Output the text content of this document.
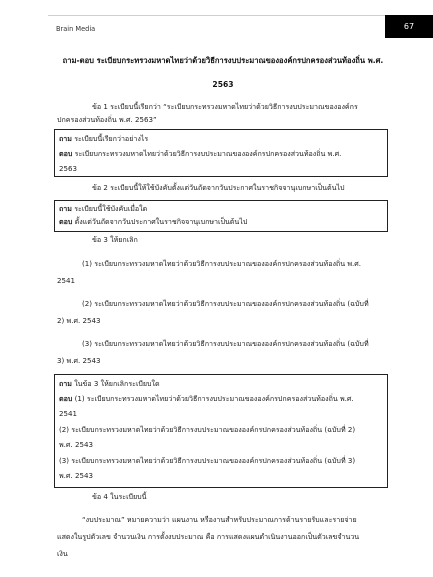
Brain Media	67
ถาม-ตอบ ระเบียบกระทรวงมหาดไทยว่าด้วยวิธีการงบประมาณขององค์กรปกครองส่วนท้องถิ่น พ.ศ.
2563
ข้อ 1 ระเบียบนี้เรียกว่า “ระเบียบกระทรวงมหาดไทยว่าด้วยวิธีการงบประมาณขององค์กร
ปกครองส่วนท้องถิ่น พ.ศ. 2563”
ถาม ระเบียบนี้เรียกว่าอย่างไร
ตอบ ระเบียบกระทรวงมหาดไทยว่าด้วยวิธีการงบประมาณขององค์กรปกครองส่วนท้องถิ่น พ.ศ.
2563
ข้อ 2 ระเบียบนี้ให้ใช้บังคับตั้งแต่วันถัดจากวันประกาศในราชกิจจานุเบกษาเป็นต้นไป
ถาม ระเบียบนี้ใช้บังคับเมื่อใด
ตอบ ตั้งแต่วันถัดจากวันประกาศในราชกิจจานุเบกษาเป็นต้นไป
ข้อ 3 ให้ยกเลิก
(1) ระเบียบกระทรวงมหาดไทยว่าด้วยวิธีการงบประมาณขององค์กรปกครองส่วนท้องถิ่น พ.ศ.
2541
(2) ระเบียบกระทรวงมหาดไทยว่าด้วยวิธีการงบประมาณขององค์กรปกครองส่วนท้องถิ่น (ฉบับที่
2) พ.ศ. 2543
(3) ระเบียบกระทรวงมหาดไทยว่าด้วยวิธีการงบประมาณขององค์กรปกครองส่วนท้องถิ่น (ฉบับที่
3) พ.ศ. 2543
ถาม ในข้อ 3 ให้ยกเลิกระเบียบใด
ตอบ (1) ระเบียบกระทรวงมหาดไทยว่าด้วยวิธีการงบประมาณขององค์กรปกครองส่วนท้องถิ่น พ.ศ.
2541
(2) ระเบียบกระทรวงมหาดไทยว่าด้วยวิธีการงบประมาณขององค์กรปกครองส่วนท้องถิ่น (ฉบับที่ 2)
พ.ศ. 2543
(3) ระเบียบกระทรวงมหาดไทยว่าด้วยวิธีการงบประมาณขององค์กรปกครองส่วนท้องถิ่น (ฉบับที่ 3)
พ.ศ. 2543
ข้อ 4 ในระเบียบนี้
“งบประมาณ” หมายความว่า แผนงาน หรืองานสำหรับประมาณการด้านรายรับและรายจ่าย
แสดงในรูปตัวเลข จำนวนเงิน การตั้งงบประมาณ คือ การแสดงแผนดำเนินงานออกเป็นตัวเลขจำนวน
เงิน
